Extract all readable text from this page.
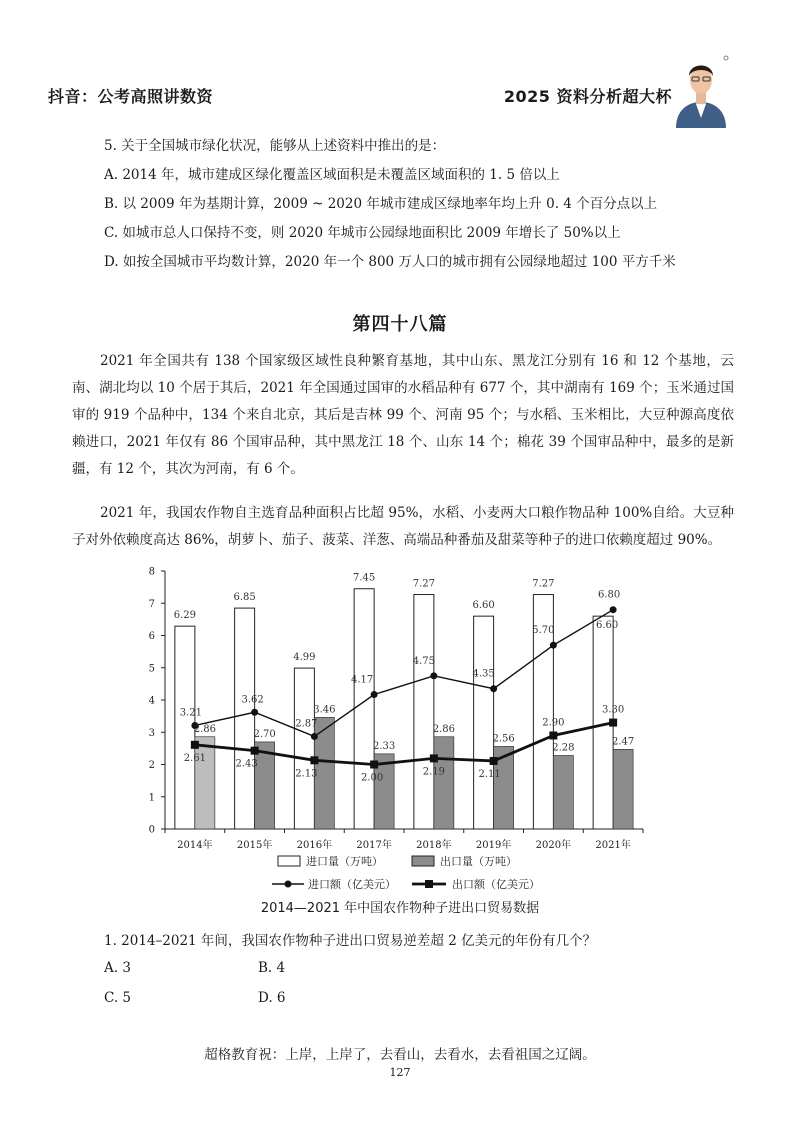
抖音：公考高照讲数资	2025 资料分析超大杯
5. 关于全国城市绿化状况，能够从上述资料中推出的是：
A. 2014 年，城市建成区绿化覆盖区域面积是未覆盖区域面积的 1. 5 倍以上
B. 以 2009 年为基期计算，2009 ~ 2020 年城市建成区绿地率年均上升 0. 4 个百分点以上
C. 如城市总人口保持不变，则 2020 年城市公园绿地面积比 2009 年增长了 50%以上
D. 如按全国城市平均数计算，2020 年一个 800 万人口的城市拥有公园绿地超过 100 平方千米
第四十八篇
2021 年全国共有 138 个国家级区域性良种繁育基地，其中山东、黑龙江分别有 16 和 12 个基地，云南、湖北均以 10 个居于其后，2021 年全国通过国审的水稻品种有 677 个，其中湖南有 169 个；玉米通过国审的 919 个品种中，134 个来自北京，其后是吉林 99 个、河南 95 个；与水稻、玉米相比，大豆种源高度依赖进口，2021 年仅有 86 个国审品种，其中黑龙江 18 个、山东 14 个；棉花 39 个国审品种中，最多的是新疆，有 12 个，其次为河南，有 6 个。
2021 年，我国农作物自主选育品种面积占比超 95%，水稻、小麦两大口粮作物品种 100%自给。大豆种子对外依赖度高达 86%，胡萝卜、茄子、菠菜、洋葱、高端品种番茄及甜菜等种子的进口依赖度超过 90%。
0
1
2
3
4
5
6
7
8
2014年 2015年 2016年 2017年 2018年 2019年 2020年 2021年
6.29
6.85
4.99
7.45
7.27
6.60
7.27
6.60
2.86	2.70
3.46
2.33
2.86
2.56
2.28
2.47
3.21
3.62
2.87
4.17
4.75
4.35
5.70
6.80
2.61
2.43
2.13	2.00
2.19	2.11
2.90
3.30
进口量（万吨）	出口量（万吨）
进口额（亿美元）	出口额（亿美元）
2014—2021 年中国农作物种子进出口贸易数据
1. 2014–2021 年间，我国农作物种子进出口贸易逆差超 2 亿美元的年份有几个？
A. 3	B. 4
C. 5	D. 6
超格教育祝：上岸，上岸了，去看山，去看水，去看祖国之辽阔。
127
